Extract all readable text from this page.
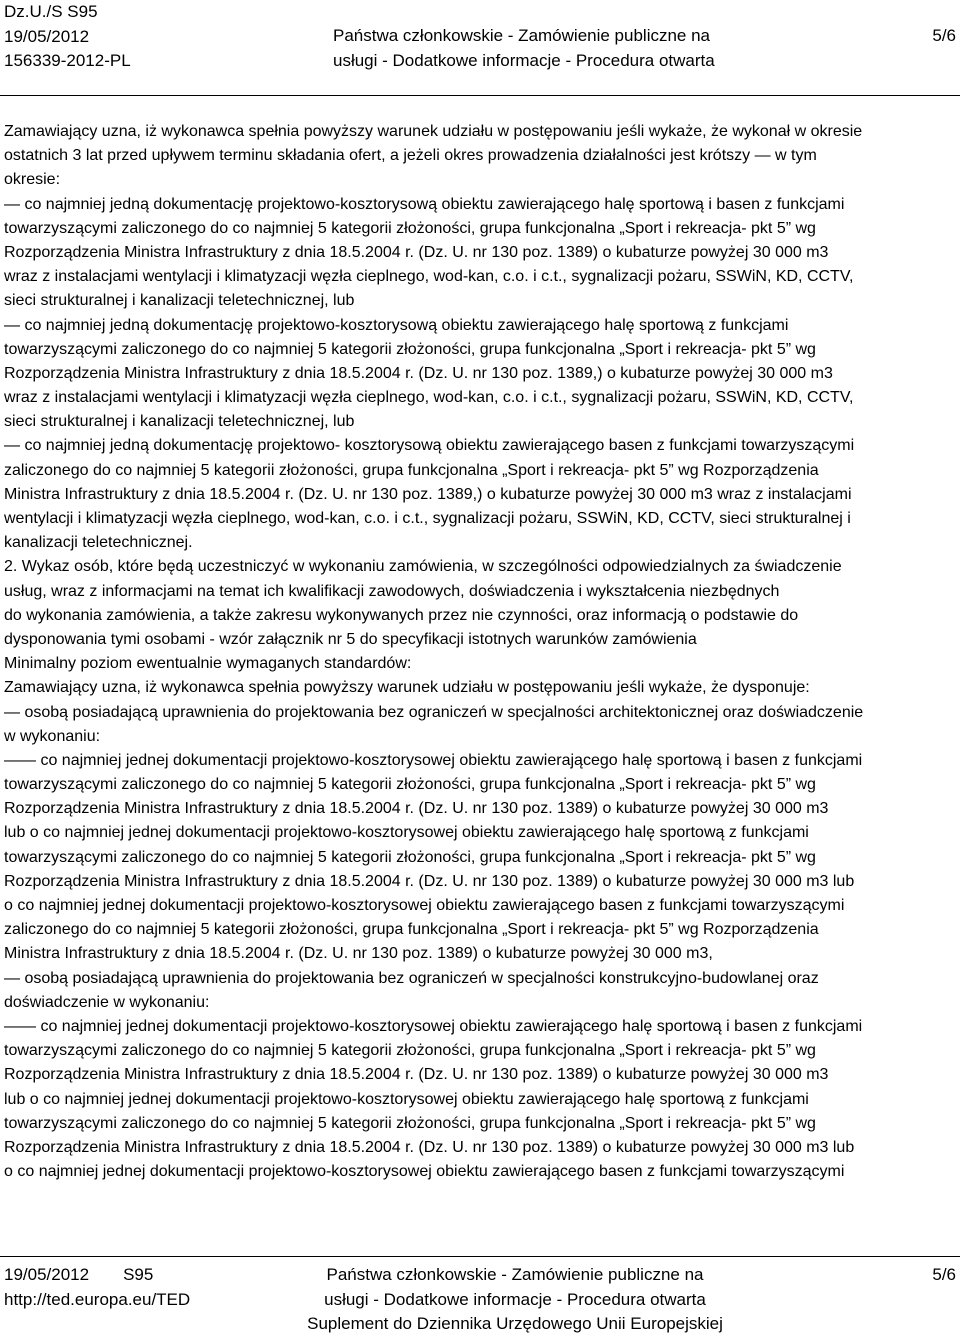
Dz.U./S S95
19/05/2012
156339-2012-PL
Państwa członkowskie - Zamówienie publiczne na
usługi - Dodatkowe informacje - Procedura otwarta
5/6
Zamawiający uzna, iż wykonawca spełnia powyższy warunek udziału w postępowaniu jeśli wykaże, że wykonał w okresie
ostatnich 3 lat przed upływem terminu składania ofert, a jeżeli okres prowadzenia działalności jest krótszy — w tym
okresie:
— co najmniej jedną dokumentację projektowo-kosztorysową obiektu zawierającego halę sportową i basen z funkcjami
towarzyszącymi zaliczonego do co najmniej 5 kategorii złożoności, grupa funkcjonalna „Sport i rekreacja- pkt 5” wg
Rozporządzenia Ministra Infrastruktury z dnia 18.5.2004 r. (Dz. U. nr 130 poz. 1389) o kubaturze powyżej 30 000 m3
wraz z instalacjami wentylacji i klimatyzacji węzła cieplnego, wod-kan, c.o. i c.t., sygnalizacji pożaru, SSWiN, KD, CCTV,
sieci strukturalnej i kanalizacji teletechnicznej, lub
— co najmniej jedną dokumentację projektowo-kosztorysową obiektu zawierającego halę sportową z funkcjami
towarzyszącymi zaliczonego do co najmniej 5 kategorii złożoności, grupa funkcjonalna „Sport i rekreacja- pkt 5” wg
Rozporządzenia Ministra Infrastruktury z dnia 18.5.2004 r. (Dz. U. nr 130 poz. 1389,) o kubaturze powyżej 30 000 m3
wraz z instalacjami wentylacji i klimatyzacji węzła cieplnego, wod-kan, c.o. i c.t., sygnalizacji pożaru, SSWiN, KD, CCTV,
sieci strukturalnej i kanalizacji teletechnicznej, lub
— co najmniej jedną dokumentację projektowo- kosztorysową obiektu zawierającego basen z funkcjami towarzyszącymi
zaliczonego do co najmniej 5 kategorii złożoności, grupa funkcjonalna „Sport i rekreacja- pkt 5” wg Rozporządzenia
Ministra Infrastruktury z dnia 18.5.2004 r. (Dz. U. nr 130 poz. 1389,) o kubaturze powyżej 30 000 m3 wraz z instalacjami
wentylacji i klimatyzacji węzła cieplnego, wod-kan, c.o. i c.t., sygnalizacji pożaru, SSWiN, KD, CCTV, sieci strukturalnej i
kanalizacji teletechnicznej.
2. Wykaz osób, które będą uczestniczyć w wykonaniu zamówienia, w szczególności odpowiedzialnych za świadczenie
usług, wraz z informacjami na temat ich kwalifikacji zawodowych, doświadczenia i wykształcenia niezbędnych
do wykonania zamówienia, a także zakresu wykonywanych przez nie czynności, oraz informacją o podstawie do
dysponowania tymi osobami - wzór załącznik nr 5 do specyfikacji istotnych warunków zamówienia
Minimalny poziom ewentualnie wymaganych standardów:
Zamawiający uzna, iż wykonawca spełnia powyższy warunek udziału w postępowaniu jeśli wykaże, że dysponuje:
— osobą posiadającą uprawnienia do projektowania bez ograniczeń w specjalności architektonicznej oraz doświadczenie
w wykonaniu:
—— co najmniej jednej dokumentacji projektowo-kosztorysowej obiektu zawierającego halę sportową i basen z funkcjami
towarzyszącymi zaliczonego do co najmniej 5 kategorii złożoności, grupa funkcjonalna „Sport i rekreacja- pkt 5” wg
Rozporządzenia Ministra Infrastruktury z dnia 18.5.2004 r. (Dz. U. nr 130 poz. 1389) o kubaturze powyżej 30 000 m3
lub o co najmniej jednej dokumentacji projektowo-kosztorysowej obiektu zawierającego halę sportową z funkcjami
towarzyszącymi zaliczonego do co najmniej 5 kategorii złożoności, grupa funkcjonalna „Sport i rekreacja- pkt 5” wg
Rozporządzenia Ministra Infrastruktury z dnia 18.5.2004 r. (Dz. U. nr 130 poz. 1389) o kubaturze powyżej 30 000 m3 lub
o co najmniej jednej dokumentacji projektowo-kosztorysowej obiektu zawierającego basen z funkcjami towarzyszącymi
zaliczonego do co najmniej 5 kategorii złożoności, grupa funkcjonalna „Sport i rekreacja- pkt 5” wg Rozporządzenia
Ministra Infrastruktury z dnia 18.5.2004 r. (Dz. U. nr 130 poz. 1389) o kubaturze powyżej 30 000 m3,
— osobą posiadającą uprawnienia do projektowania bez ograniczeń w specjalności konstrukcyjno-budowlanej oraz
doświadczenie w wykonaniu:
—— co najmniej jednej dokumentacji projektowo-kosztorysowej obiektu zawierającego halę sportową i basen z funkcjami
towarzyszącymi zaliczonego do co najmniej 5 kategorii złożoności, grupa funkcjonalna „Sport i rekreacja- pkt 5” wg
Rozporządzenia Ministra Infrastruktury z dnia 18.5.2004 r. (Dz. U. nr 130 poz. 1389) o kubaturze powyżej 30 000 m3
lub o co najmniej jednej dokumentacji projektowo-kosztorysowej obiektu zawierającego halę sportową z funkcjami
towarzyszącymi zaliczonego do co najmniej 5 kategorii złożoności, grupa funkcjonalna „Sport i rekreacja- pkt 5” wg
Rozporządzenia Ministra Infrastruktury z dnia 18.5.2004 r. (Dz. U. nr 130 poz. 1389) o kubaturze powyżej 30 000 m3 lub
o co najmniej jednej dokumentacji projektowo-kosztorysowej obiektu zawierającego basen z funkcjami towarzyszącymi
19/05/2012 S95
http://ted.europa.eu/TED
Państwa członkowskie - Zamówienie publiczne na
usługi - Dodatkowe informacje - Procedura otwarta
Suplement do Dziennika Urzędowego Unii Europejskiej
5/6
